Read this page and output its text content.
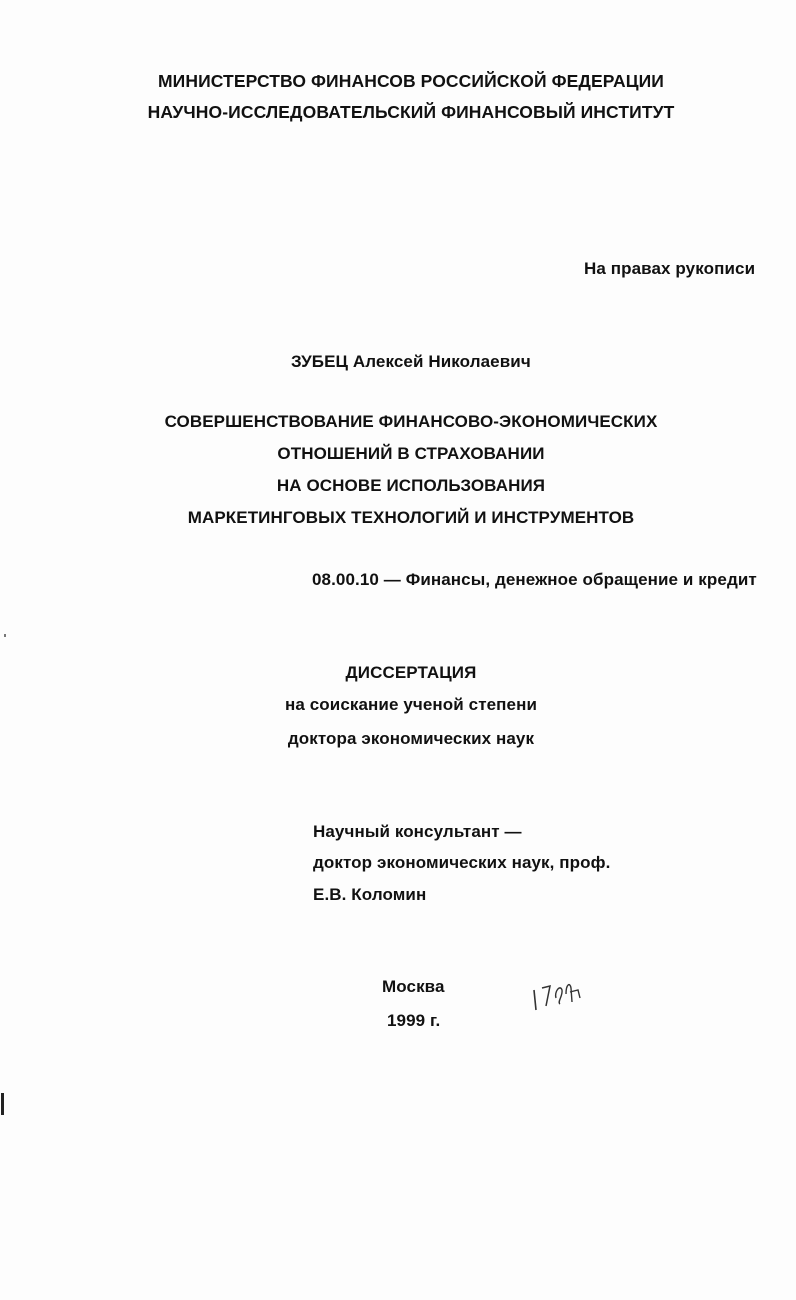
МИНИСТЕРСТВО ФИНАНСОВ РОССИЙСКОЙ ФЕДЕРАЦИИ
НАУЧНО-ИССЛЕДОВАТЕЛЬСКИЙ ФИНАНСОВЫЙ ИНСТИТУТ
На правах рукописи
ЗУБЕЦ Алексей Николаевич
СОВЕРШЕНСТВОВАНИЕ ФИНАНСОВО-ЭКОНОМИЧЕСКИХ
ОТНОШЕНИЙ В СТРАХОВАНИИ
НА ОСНОВЕ ИСПОЛЬЗОВАНИЯ
МАРКЕТИНГОВЫХ ТЕХНОЛОГИЙ И ИНСТРУМЕНТОВ
08.00.10 — Финансы, денежное обращение и кредит
ДИССЕРТАЦИЯ
на соискание ученой степени
доктора экономических наук
Научный консультант —
доктор экономических наук, проф.
Е.В. Коломин
Москва
1999 г.
